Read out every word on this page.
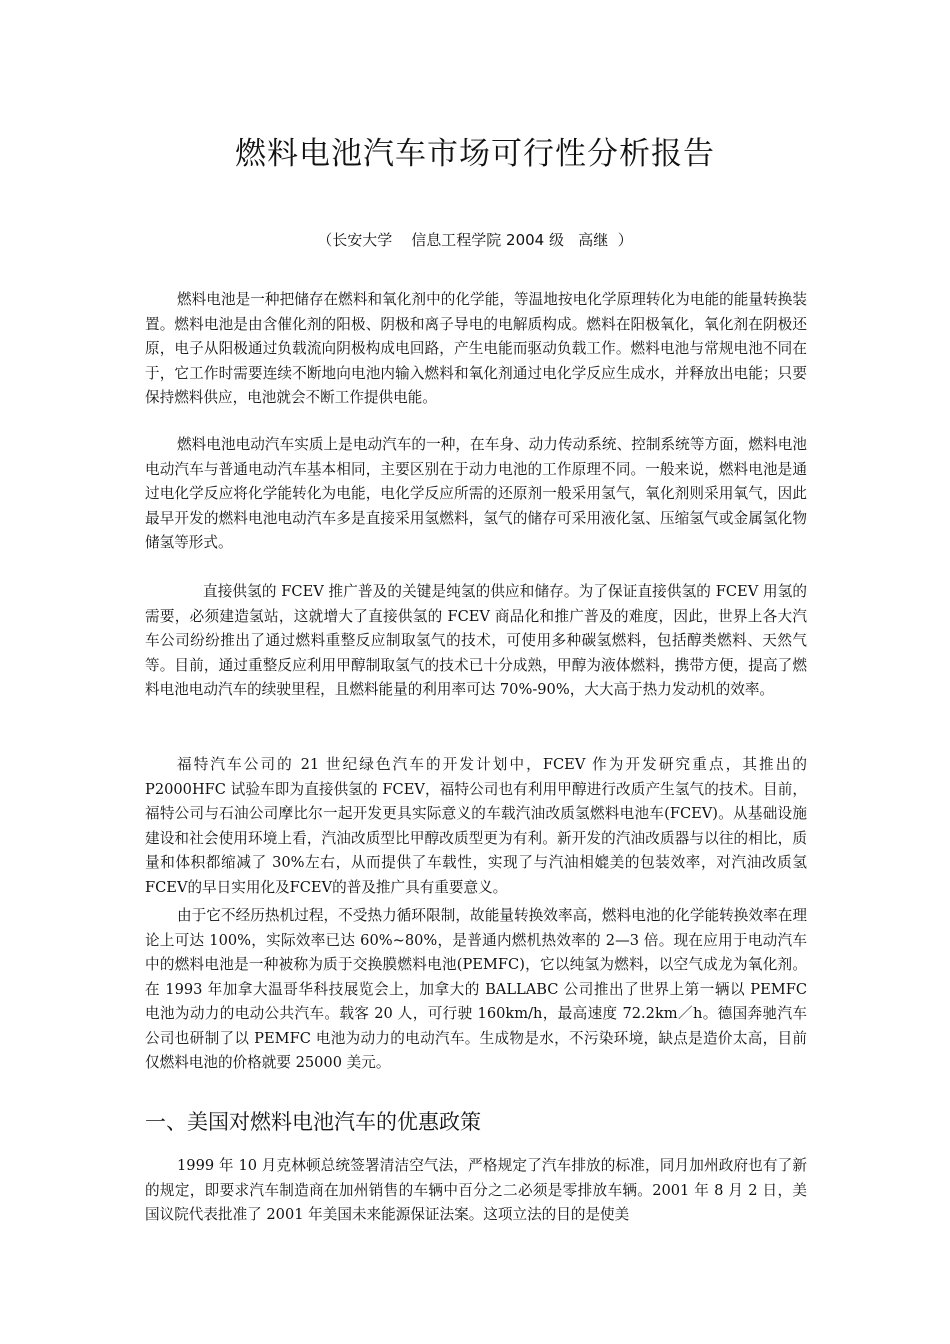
燃料电池汽车市场可行性分析报告

（长安大学    信息工程学院 2004 级   高继  ）

燃料电池是一种把储存在燃料和氧化剂中的化学能，等温地按电化学原理转化为电能的能量转换装置。燃料电池是由含催化剂的阳极、阴极和离子导电的电解质构成。燃料在阳极氧化，氧化剂在阴极还原，电子从阳极通过负载流向阴极构成电回路，产生电能而驱动负载工作。燃料电池与常规电池不同在于，它工作时需要连续不断地向电池内输入燃料和氧化剂通过电化学反应生成水，并释放出电能；只要保持燃料供应，电池就会不断工作提供电能。

燃料电池电动汽车实质上是电动汽车的一种，在车身、动力传动系统、控制系统等方面，燃料电池电动汽车与普通电动汽车基本相同，主要区别在于动力电池的工作原理不同。一般来说，燃料电池是通过电化学反应将化学能转化为电能，电化学反应所需的还原剂一般采用氢气，氧化剂则采用氧气，因此最早开发的燃料电池电动汽车多是直接采用氢燃料，氢气的储存可采用液化氢、压缩氢气或金属氢化物储氢等形式。

直接供氢的 FCEV 推广普及的关键是纯氢的供应和储存。为了保证直接供氢的 FCEV 用氢的需要，必须建造氢站，这就增大了直接供氢的 FCEV 商品化和推广普及的难度，因此，世界上各大汽车公司纷纷推出了通过燃料重整反应制取氢气的技术，可使用多种碳氢燃料，包括醇类燃料、天然气等。目前，通过重整反应利用甲醇制取氢气的技术已十分成熟，甲醇为液体燃料，携带方便，提高了燃料电池电动汽车的续驶里程，且燃料能量的利用率可达 70%-90%，大大高于热力发动机的效率。

福特汽车公司的 21 世纪绿色汽车的开发计划中，FCEV 作为开发研究重点，其推出的 P2000HFC 试验车即为直接供氢的 FCEV，福特公司也有利用甲醇进行改质产生氢气的技术。目前，福特公司与石油公司摩比尔一起开发更具实际意义的车载汽油改质氢燃料电池车(FCEV)。从基础设施建设和社会使用环境上看，汽油改质型比甲醇改质型更为有利。新开发的汽油改质器与以往的相比，质量和体积都缩减了 30%左右，从而提供了车载性，实现了与汽油相媲美的包装效率，对汽油改质氢FCEV的早日实用化及FCEV的普及推广具有重要意义。

由于它不经历热机过程，不受热力循环限制，故能量转换效率高，燃料电池的化学能转换效率在理论上可达 100%，实际效率已达 60%~80%，是普通内燃机热效率的 2—3 倍。现在应用于电动汽车中的燃料电池是一种被称为质于交换膜燃料电池(PEMFC)，它以纯氢为燃料，以空气成龙为氧化剂。在 1993 年加拿大温哥华科技展览会上，加拿大的 BALLABC 公司推出了世界上第一辆以 PEMFC 电池为动力的电动公共汽车。载客 20 人，可行驶 160km/h，最高速度 72.2km／h。德国奔驰汽车公司也研制了以 PEMFC 电池为动力的电动汽车。生成物是水，不污染环境，缺点是造价太高，目前仅燃料电池的价格就要 25000 美元。

一、美国对燃料电池汽车的优惠政策

1999 年 10 月克林顿总统签署清洁空气法，严格规定了汽车排放的标准，同月加州政府也有了新的规定，即要求汽车制造商在加州销售的车辆中百分之二必须是零排放车辆。2001 年 8 月 2 日，美国议院代表批准了 2001 年美国未来能源保证法案。这项立法的目的是使美
